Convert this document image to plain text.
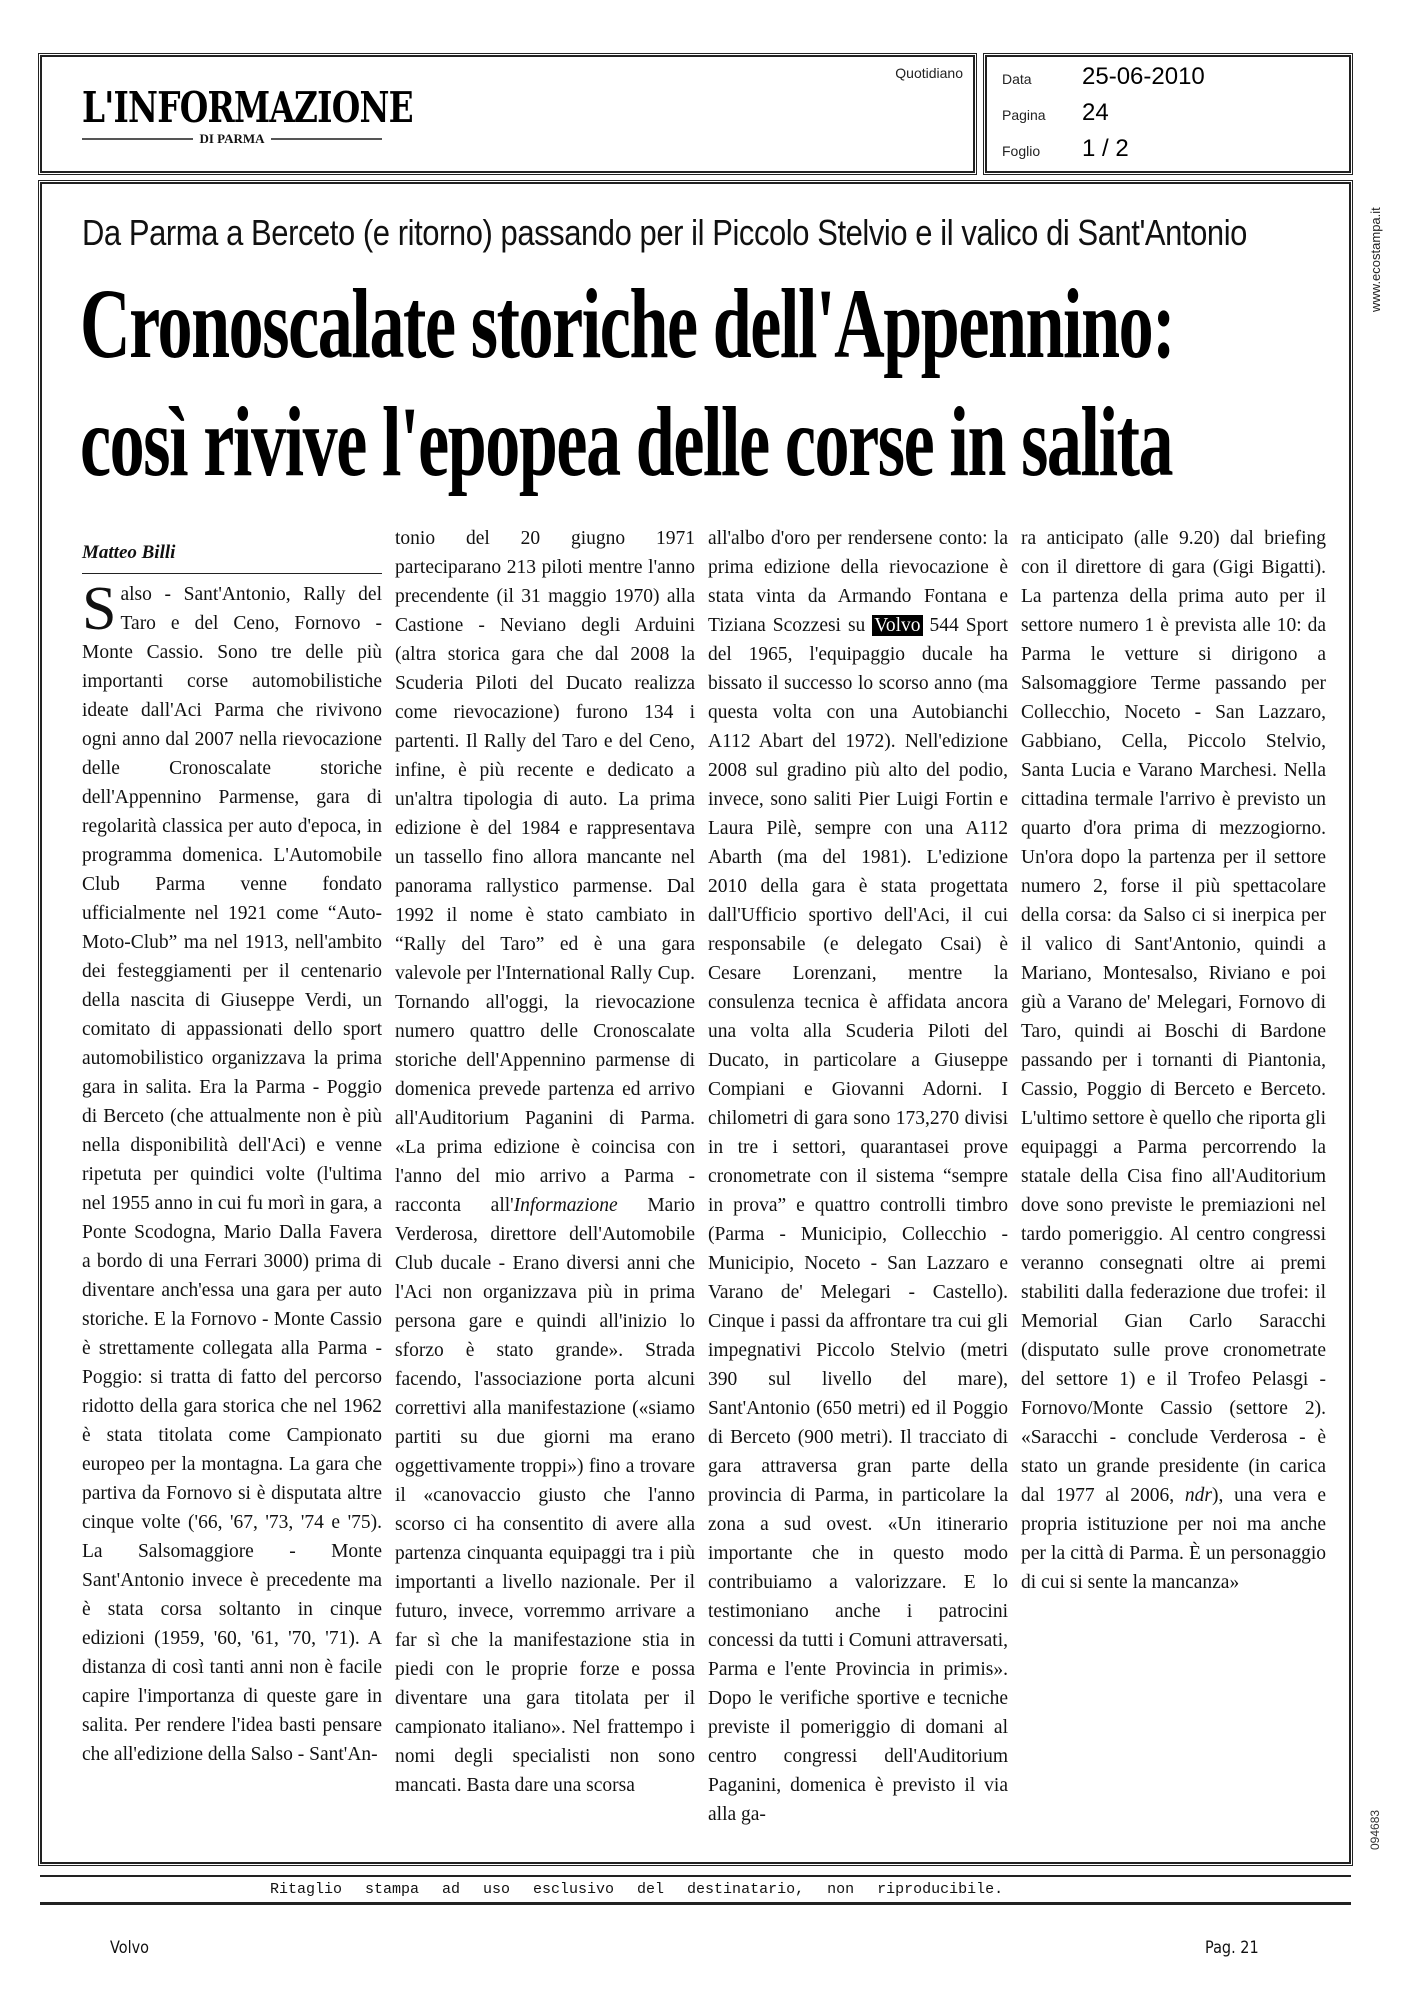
L'INFORMAZIONE
DI PARMA
Quotidiano	Data	25-06-2010
Pagina	24
Foglio	1 / 2
Da Parma a Berceto (e ritorno) passando per il Piccolo Stelvio e il valico di Sant'Antonio
Cronoscalate storiche dell'Appennino:
così rivive l'epopea delle corse in salita
Matteo Billi

Salso - Sant'Antonio, Rally del Taro e del Ceno, Fornovo - Monte Cassio. Sono tre delle più importanti corse automobilistiche ideate dall'Aci Parma che rivivono ogni anno dal 2007 nella rievocazione delle Cronoscalate storiche dell'Appennino Parmense, gara di regolarità classica per auto d'epoca, in programma domenica. L'Automobile Club Parma venne fondato ufficialmente nel 1921 come “Auto-Moto-Club” ma nel 1913, nell'ambito dei festeggiamenti per il centenario della nascita di Giuseppe Verdi, un comitato di appassionati dello sport automobilistico organizzava la prima gara in salita. Era la Parma - Poggio di Berceto (che attualmente non è più nella disponibilità dell'Aci) e venne ripetuta per quindici volte (l'ultima nel 1955 anno in cui fu morì in gara, a Ponte Scodogna, Mario Dalla Favera a bordo di una Ferrari 3000) prima di diventare anch'essa una gara per auto storiche. E la Fornovo - Monte Cassio è strettamente collegata alla Parma - Poggio: si tratta di fatto del percorso ridotto della gara storica che nel 1962 è stata titolata come Campionato europeo per la montagna. La gara che partiva da Fornovo si è disputata altre cinque volte ('66, '67, '73, '74 e '75). La Salsomaggiore - Monte Sant'Antonio invece è precedente ma è stata corsa soltanto in cinque edizioni (1959, '60, '61, '70, '71). A distanza di così tanti anni non è facile capire l'importanza di queste gare in salita. Per rendere l'idea basti pensare che all'edizione della Salso - Sant'An-

tonio del 20 giugno 1971 parteciparano 213 piloti mentre l'anno precendente (il 31 maggio 1970) alla Castione - Neviano degli Arduini (altra storica gara che dal 2008 la Scuderia Piloti del Ducato realizza come rievocazione) furono 134 i partenti. Il Rally del Taro e del Ceno, infine, è più recente e dedicato a un'altra tipologia di auto. La prima edizione è del 1984 e rappresentava un tassello fino allora mancante nel panorama rallystico parmense. Dal 1992 il nome è stato cambiato in “Rally del Taro” ed è una gara valevole per l'International Rally Cup. Tornando all'oggi, la rievocazione numero quattro delle Cronoscalate storiche dell'Appennino parmense di domenica prevede partenza ed arrivo all'Auditorium Paganini di Parma. «La prima edizione è coincisa con l'anno del mio arrivo a Parma - racconta all'Informazione Mario Verderosa, direttore dell'Automobile Club ducale - Erano diversi anni che l'Aci non organizzava più in prima persona gare e quindi all'inizio lo sforzo è stato grande». Strada facendo, l'associazione porta alcuni correttivi alla manifestazione («siamo partiti su due giorni ma erano oggettivamente troppi») fino a trovare il «canovaccio giusto che l'anno scorso ci ha consentito di avere alla partenza cinquanta equipaggi tra i più importanti a livello nazionale. Per il futuro, invece, vorremmo arrivare a far sì che la manifestazione stia in piedi con le proprie forze e possa diventare una gara titolata per il campionato italiano». Nel frattempo i nomi degli specialisti non sono mancati. Basta dare una scorsa

all'albo d'oro per rendersene conto: la prima edizione della rievocazione è stata vinta da Armando Fontana e Tiziana Scozzesi su Volvo 544 Sport del 1965, l'equipaggio ducale ha bissato il successo lo scorso anno (ma questa volta con una Autobianchi A112 Abart del 1972). Nell'edizione 2008 sul gradino più alto del podio, invece, sono saliti Pier Luigi Fortin e Laura Pilè, sempre con una A112 Abarth (ma del 1981). L'edizione 2010 della gara è stata progettata dall'Ufficio sportivo dell'Aci, il cui responsabile (e delegato Csai) è Cesare Lorenzani, mentre la consulenza tecnica è affidata ancora una volta alla Scuderia Piloti del Ducato, in particolare a Giuseppe Compiani e Giovanni Adorni. I chilometri di gara sono 173,270 divisi in tre i settori, quarantasei prove cronometrate con il sistema “sempre in prova” e quattro controlli timbro (Parma - Municipio, Collecchio - Municipio, Noceto - San Lazzaro e Varano de' Melegari - Castello). Cinque i passi da affrontare tra cui gli impegnativi Piccolo Stelvio (metri 390 sul livello del mare), Sant'Antonio (650 metri) ed il Poggio di Berceto (900 metri). Il tracciato di gara attraversa gran parte della provincia di Parma, in particolare la zona a sud ovest. «Un itinerario importante che in questo modo contribuiamo a valorizzare. E lo testimoniano anche i patrocini concessi da tutti i Comuni attraversati, Parma e l'ente Provincia in primis». Dopo le verifiche sportive e tecniche previste il pomeriggio di domani al centro congressi dell'Auditorium Paganini, domenica è previsto il via alla ga-

ra anticipato (alle 9.20) dal briefing con il direttore di gara (Gigi Bigatti). La partenza della prima auto per il settore numero 1 è prevista alle 10: da Parma le vetture si dirigono a Salsomaggiore Terme passando per Collecchio, Noceto - San Lazzaro, Gabbiano, Cella, Piccolo Stelvio, Santa Lucia e Varano Marchesi. Nella cittadina termale l'arrivo è previsto un quarto d'ora prima di mezzogiorno. Un'ora dopo la partenza per il settore numero 2, forse il più spettacolare della corsa: da Salso ci si inerpica per il valico di Sant'Antonio, quindi a Mariano, Montesalso, Riviano e poi giù a Varano de' Melegari, Fornovo di Taro, quindi ai Boschi di Bardone passando per i tornanti di Piantonia, Cassio, Poggio di Berceto e Berceto. L'ultimo settore è quello che riporta gli equipaggi a Parma percorrendo la statale della Cisa fino all'Auditorium dove sono previste le premiazioni nel tardo pomeriggio. Al centro congressi veranno consegnati oltre ai premi stabiliti dalla federazione due trofei: il Memorial Gian Carlo Saracchi (disputato sulle prove cronometrate del settore 1) e il Trofeo Pelasgi - Fornovo/Monte Cassio (settore 2). «Saracchi - conclude Verderosa - è stato un grande presidente (in carica dal 1977 al 2006, ndr), una vera e propria istituzione per noi ma anche per la città di Parma. È un personaggio di cui si sente la mancanza»

www.ecostampa.it
094683
Ritaglio stampa ad uso esclusivo del destinatario, non riproducibile.
Volvo	Pag. 21
